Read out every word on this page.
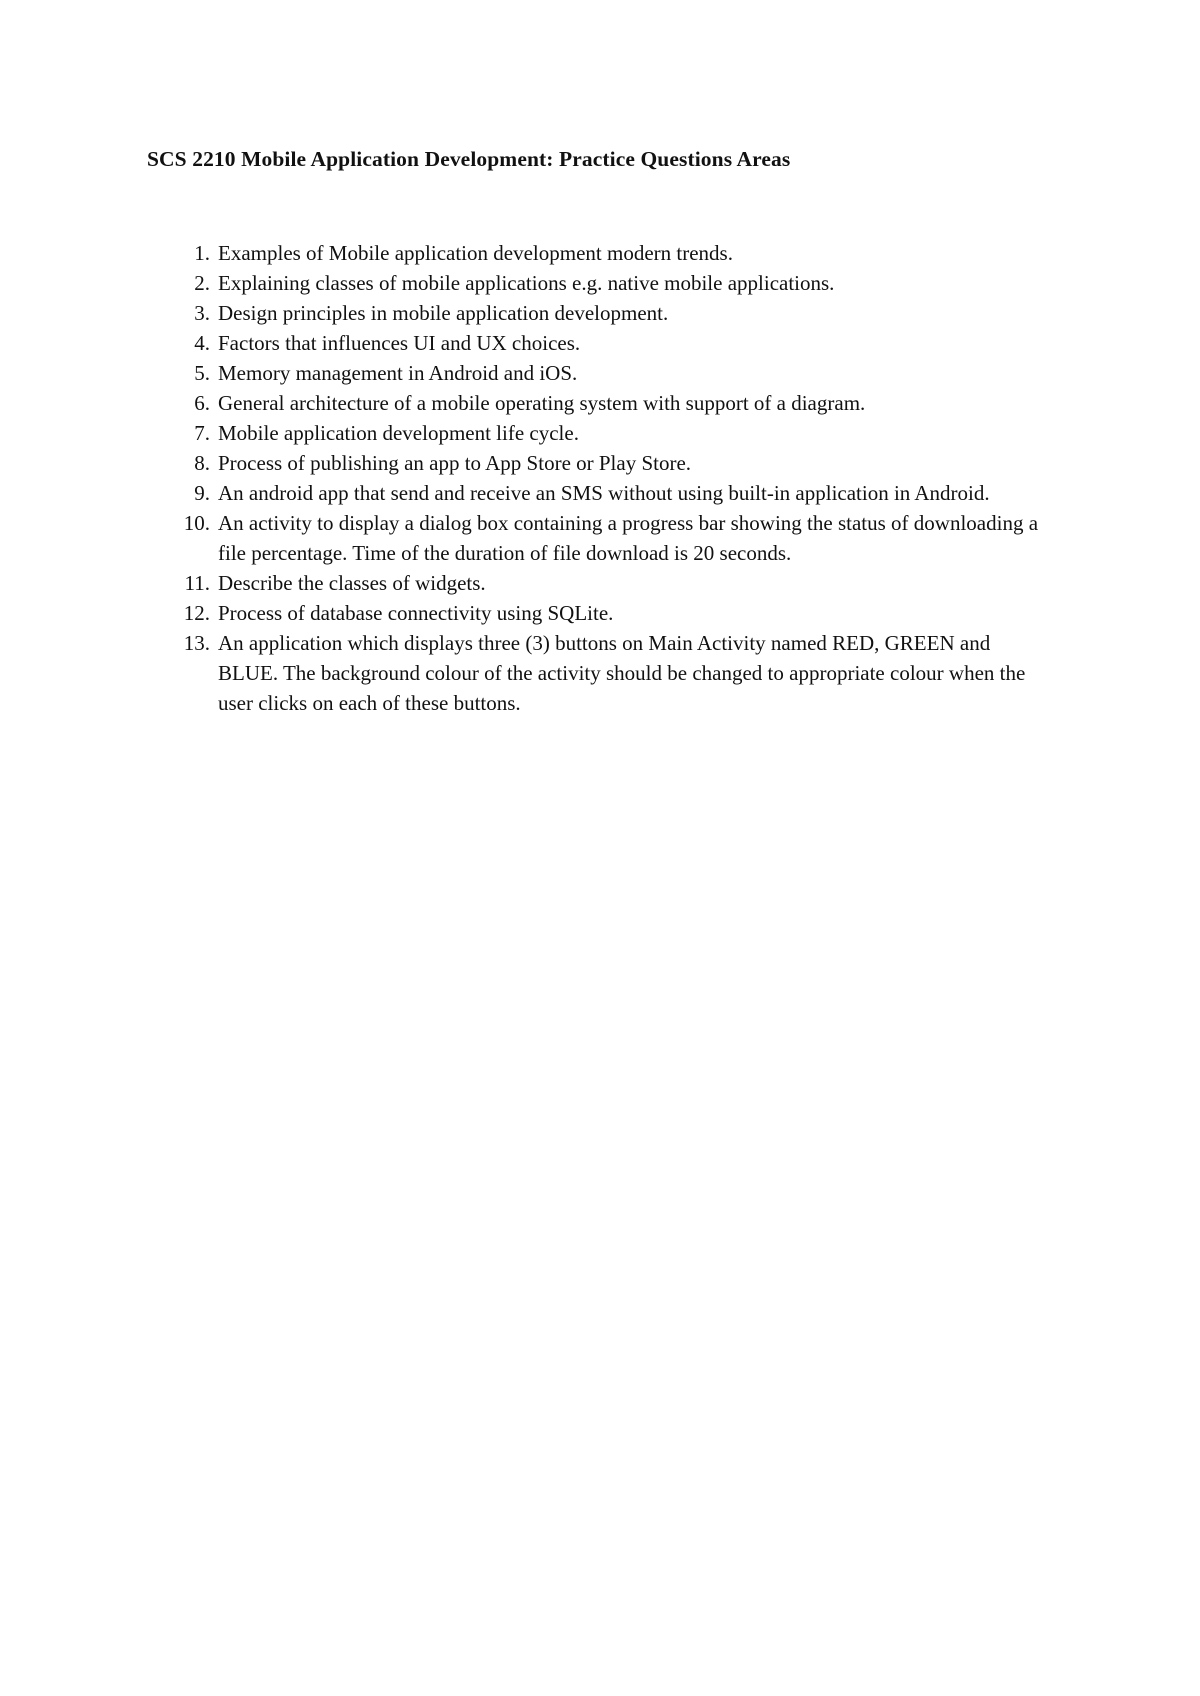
SCS 2210 Mobile Application Development: Practice Questions Areas
1. Examples of Mobile application development modern trends.
2. Explaining classes of mobile applications e.g. native mobile applications.
3. Design principles in mobile application development.
4. Factors that influences UI and UX choices.
5. Memory management in Android and iOS.
6. General architecture of a mobile operating system with support of a diagram.
7. Mobile application development life cycle.
8. Process of publishing an app to App Store or Play Store.
9. An android app that send and receive an SMS without using built-in application in Android.
10. An activity to display a dialog box containing a progress bar showing the status of downloading a file percentage. Time of the duration of file download is 20 seconds.
11. Describe the classes of widgets.
12. Process of database connectivity using SQLite.
13. An application which displays three (3) buttons on Main Activity named RED, GREEN and BLUE. The background colour of the activity should be changed to appropriate colour when the user clicks on each of these buttons.
